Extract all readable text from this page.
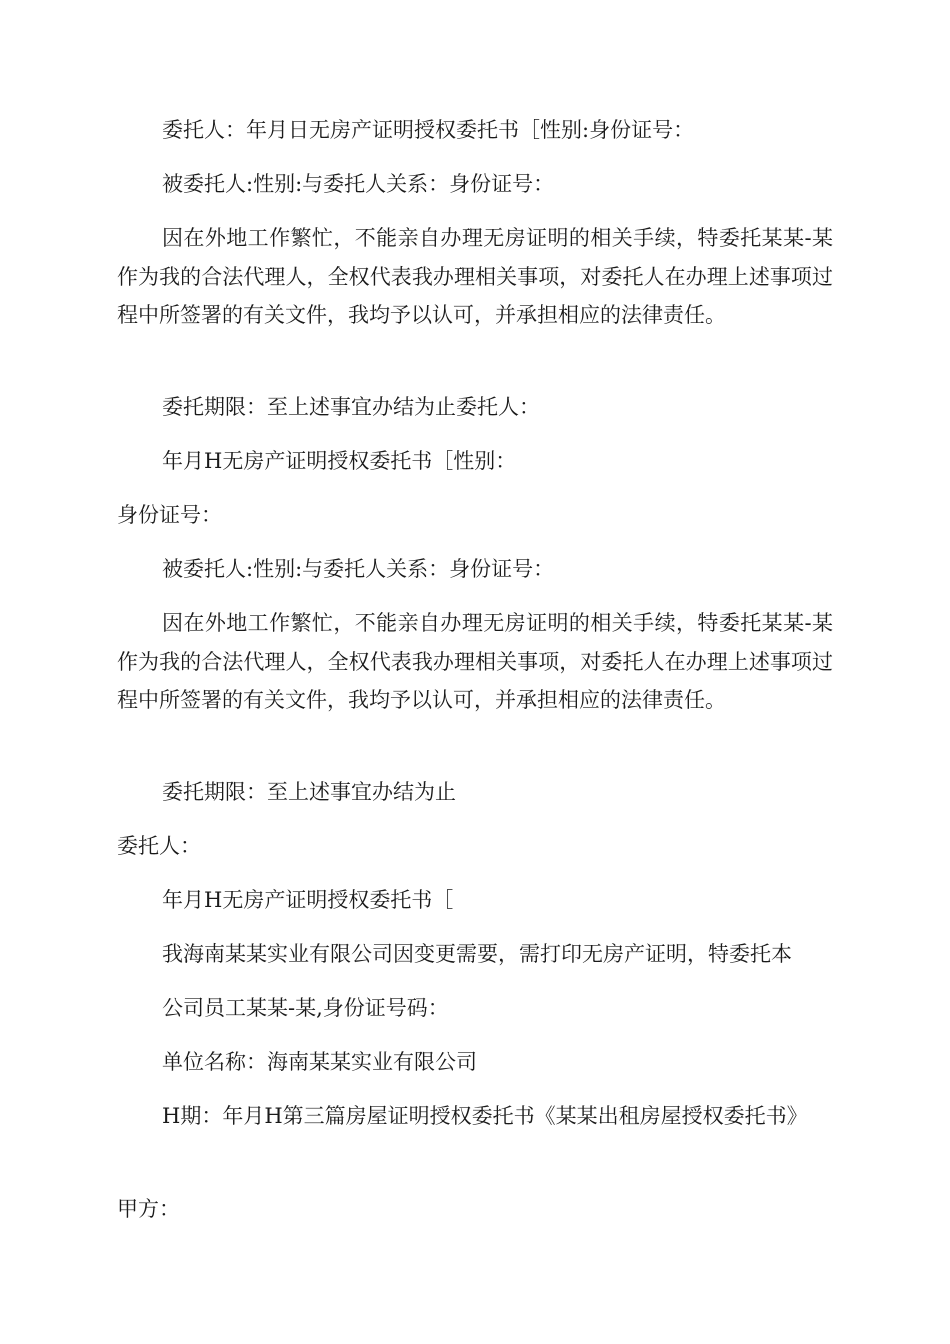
委托人：年月日无房产证明授权委托书［性别:身份证号：

被委托人:性别:与委托人关系：身份证号：

因在外地工作繁忙，不能亲自办理无房证明的相关手续，特委托某某-某作为我的合法代理人，全权代表我办理相关事项，对委托人在办理上述事项过程中所签署的有关文件，我均予以认可，并承担相应的法律责任。

委托期限：至上述事宜办结为止委托人：

年月H无房产证明授权委托书［性别：

身份证号：

被委托人:性别:与委托人关系：身份证号：

因在外地工作繁忙，不能亲自办理无房证明的相关手续，特委托某某-某作为我的合法代理人，全权代表我办理相关事项，对委托人在办理上述事项过程中所签署的有关文件，我均予以认可，并承担相应的法律责任。

委托期限：至上述事宜办结为止

委托人：

年月H无房产证明授权委托书［

我海南某某实业有限公司因变更需要，需打印无房产证明，特委托本

公司员工某某-某,身份证号码：

单位名称：海南某某实业有限公司

H期：年月H第三篇房屋证明授权委托书《某某出租房屋授权委托书》

甲方：
